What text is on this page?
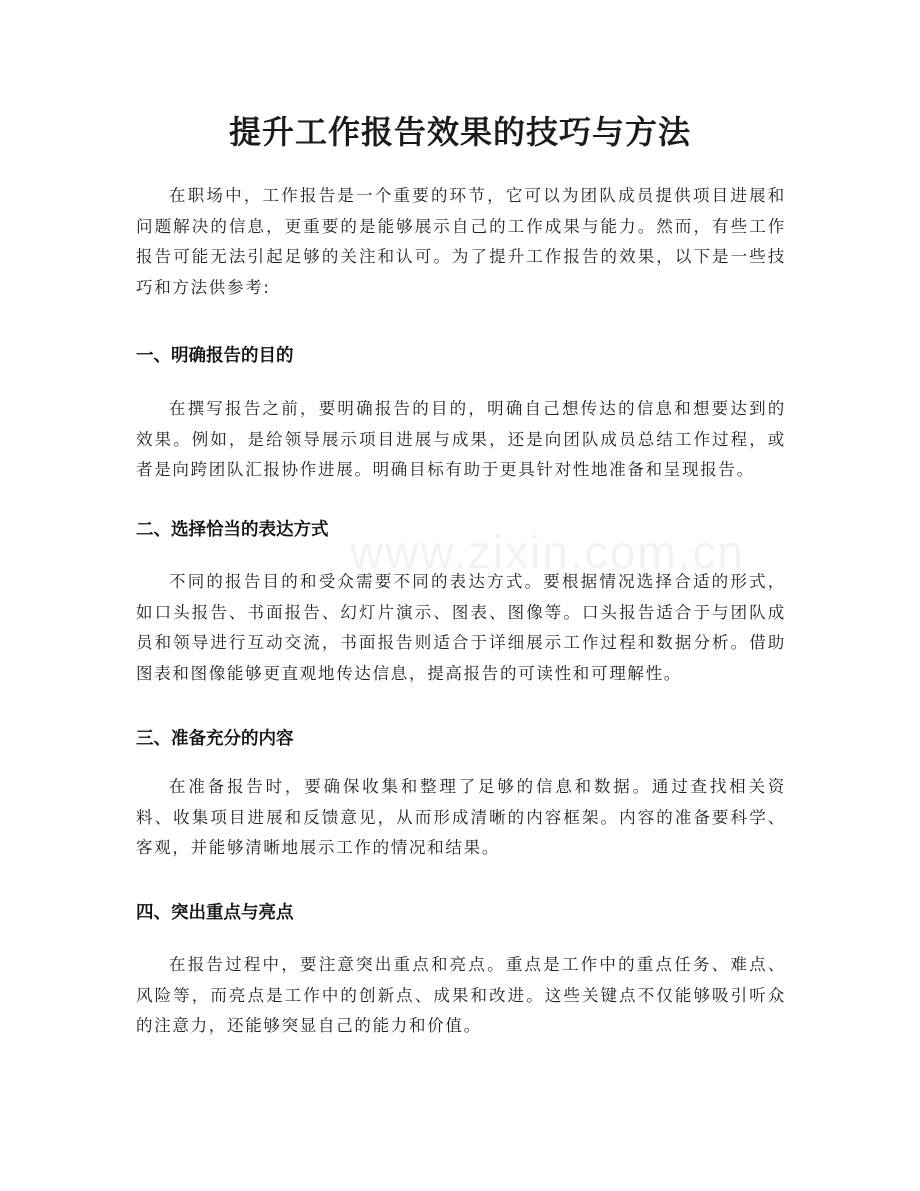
提升工作报告效果的技巧与方法

在职场中，工作报告是一个重要的环节，它可以为团队成员提供项目进展和问题解决的信息，更重要的是能够展示自己的工作成果与能力。然而，有些工作报告可能无法引起足够的关注和认可。为了提升工作报告的效果，以下是一些技巧和方法供参考:

一、明确报告的目的

在撰写报告之前，要明确报告的目的，明确自己想传达的信息和想要达到的效果。例如，是给领导展示项目进展与成果，还是向团队成员总结工作过程，或者是向跨团队汇报协作进展。明确目标有助于更具针对性地准备和呈现报告。

二、选择恰当的表达方式

不同的报告目的和受众需要不同的表达方式。要根据情况选择合适的形式，如口头报告、书面报告、幻灯片演示、图表、图像等。口头报告适合于与团队成员和领导进行互动交流，书面报告则适合于详细展示工作过程和数据分析。借助图表和图像能够更直观地传达信息，提高报告的可读性和可理解性。

三、准备充分的内容

在准备报告时，要确保收集和整理了足够的信息和数据。通过查找相关资料、收集项目进展和反馈意见，从而形成清晰的内容框架。内容的准备要科学、客观，并能够清晰地展示工作的情况和结果。

四、突出重点与亮点

在报告过程中，要注意突出重点和亮点。重点是工作中的重点任务、难点、风险等，而亮点是工作中的创新点、成果和改进。这些关键点不仅能够吸引听众的注意力，还能够突显自己的能力和价值。

www.zixin.com.cn
